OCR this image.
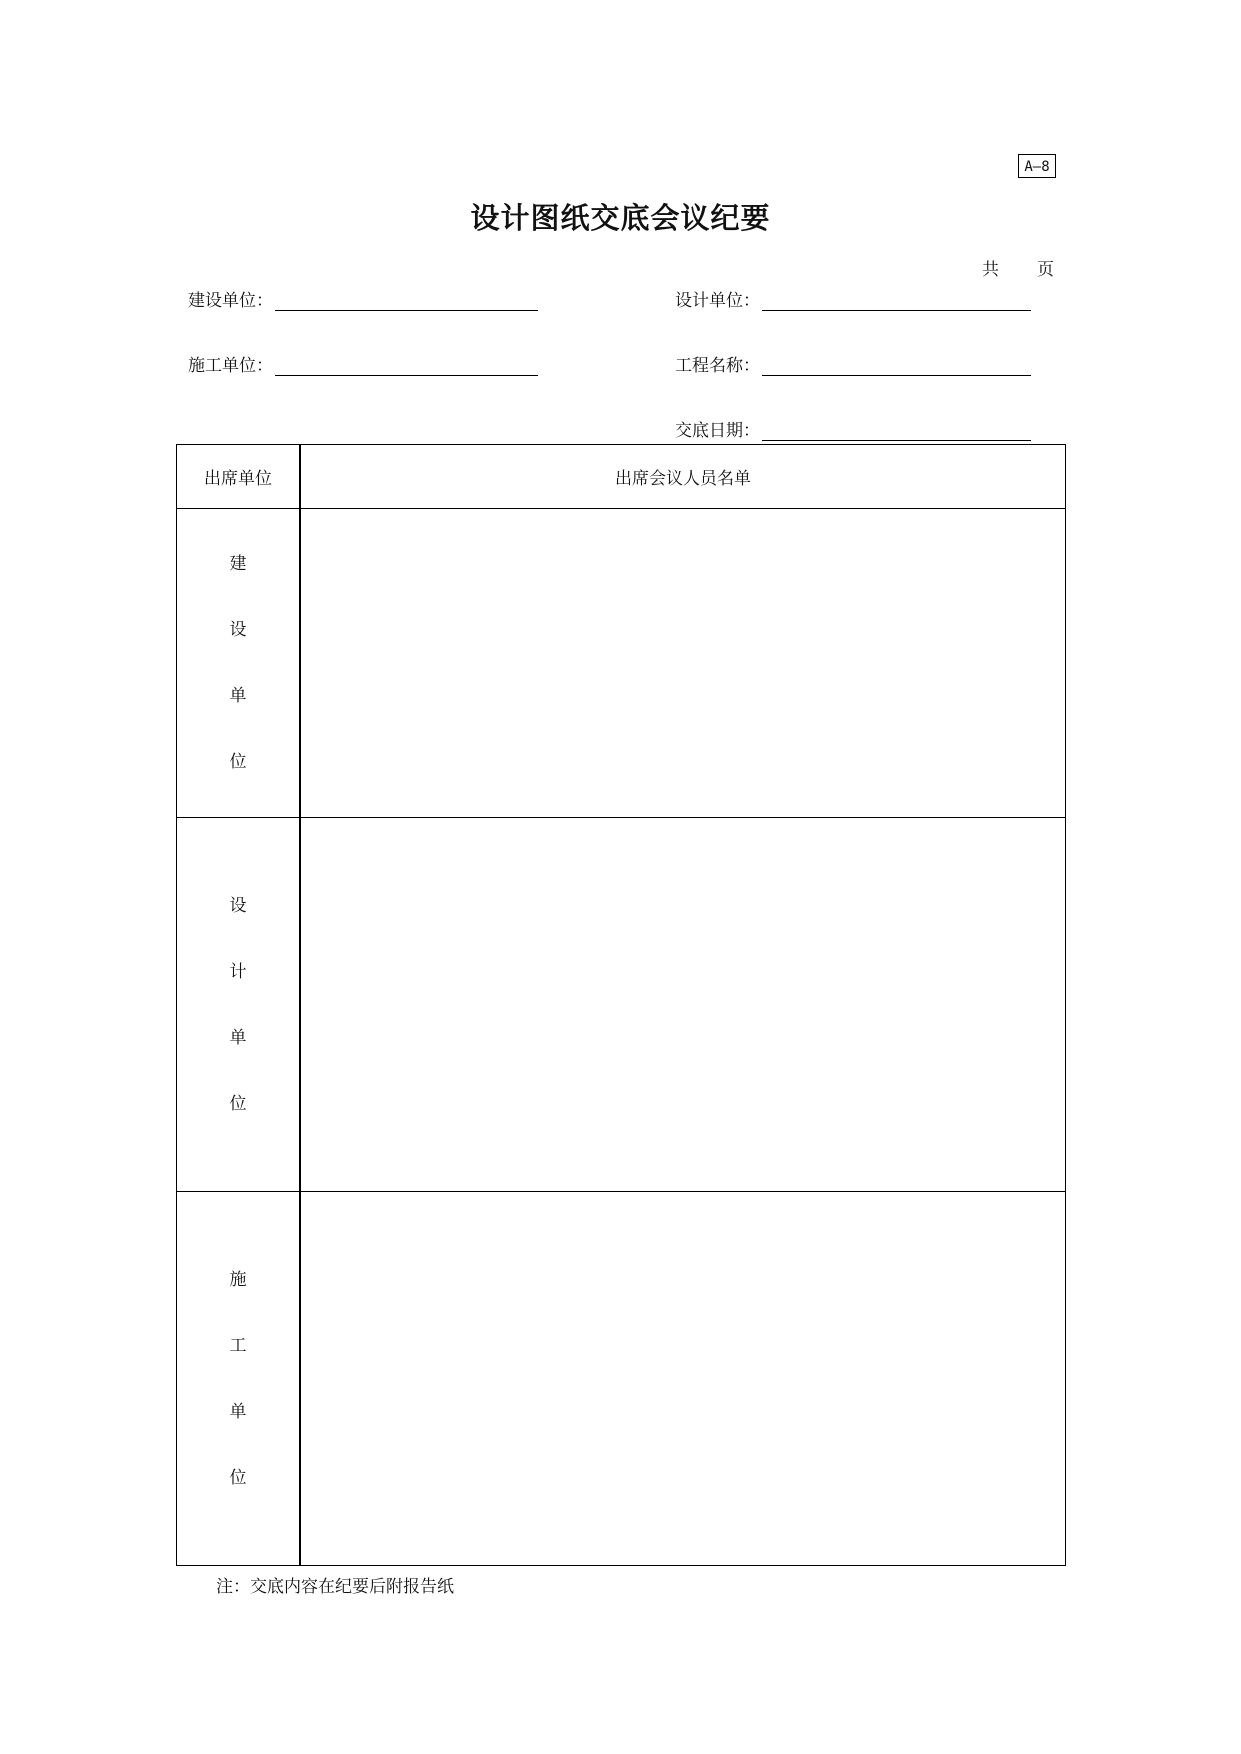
A—8
设计图纸交底会议纪要
共 页
建设单位：	设计单位：
施工单位：	工程名称：
交底日期：
出席单位	出席会议人员名单

建
设
单
位	

设
计
单
位	

施
工
单
位	

注：交底内容在纪要后附报告纸
